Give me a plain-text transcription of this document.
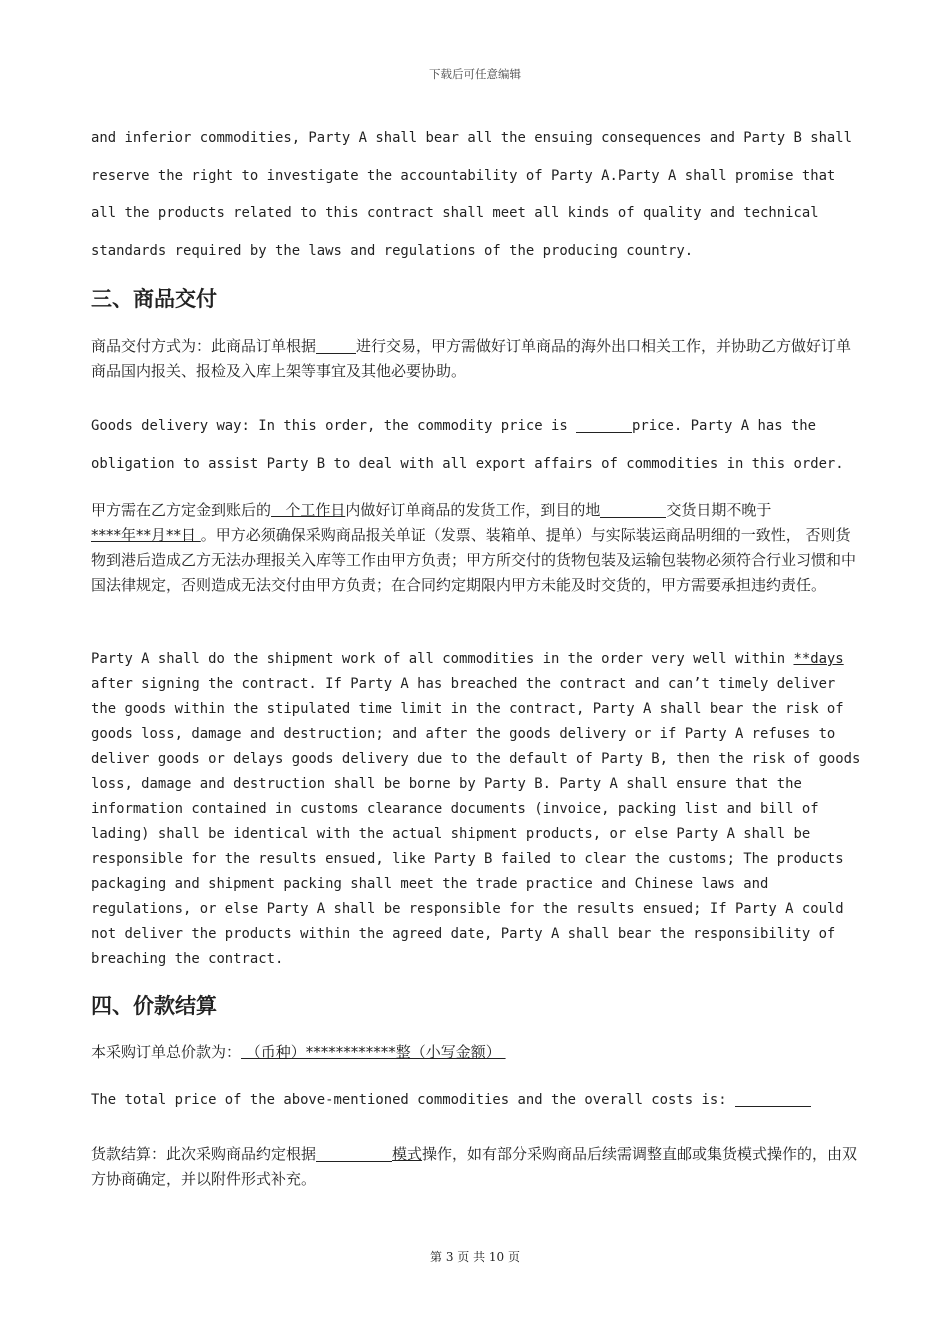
下载后可任意编辑

and inferior commodities, Party A shall bear all the ensuing consequences and Party B shall reserve the right to investigate the accountability of Party A.Party A shall promise that all the products related to this contract shall meet all kinds of quality and technical standards required by the laws and regulations of the producing country.

三、商品交付

商品交付方式为：此商品订单根据	进行交易，甲方需做好订单商品的海外出口相关工作，并协助乙方做好订单商品国内报关、报检及入库上架等事宜及其他必要协助。

Goods delivery way: In this order, the commodity price is	price. Party A has the obligation to assist Party B to deal with all export affairs of commodities in this order.

甲方需在乙方定金到账后的   个工作日内做好订单商品的发货工作，到目的地	交货日期不晚于****年**月**日 。甲方必须确保采购商品报关单证（发票、装箱单、提单）与实际装运商品明细的一致性， 否则货物到港后造成乙方无法办理报关入库等工作由甲方负责；甲方所交付的货物包装及运输包装物必须符合行业习惯和中国法律规定，否则造成无法交付由甲方负责；在合同约定期限内甲方未能及时交货的，甲方需要承担违约责任。

Party A shall do the shipment work of all commodities in the order very well within **days after signing the contract. If Party A has breached the contract and can’t timely deliver the goods within the stipulated time limit in the contract, Party A shall bear the risk of goods loss, damage and destruction; and after the goods delivery or if Party A refuses to deliver goods or delays goods delivery due to the default of Party B, then the risk of goods loss, damage and destruction shall be borne by Party B. Party A shall ensure that the information contained in customs clearance documents (invoice, packing list and bill of lading) shall be identical with the actual shipment products, or else Party A shall be responsible for the results ensued, like Party B failed to clear the customs; The products packaging and shipment packing shall meet the trade practice and Chinese laws and regulations, or else Party A shall be responsible for the results ensued; If Party A could not deliver the products within the agreed date, Party A shall bear the responsibility of breaching the contract.

四、价款结算

本采购订单总价款为： （币种）************整（小写金额）

The total price of the above-mentioned commodities and the overall costs is:

货款结算：此次采购商品约定根据	模式操作，如有部分采购商品后续需调整直邮或集货模式操作的，由双方协商确定，并以附件形式补充。

第 3 页 共 10 页
